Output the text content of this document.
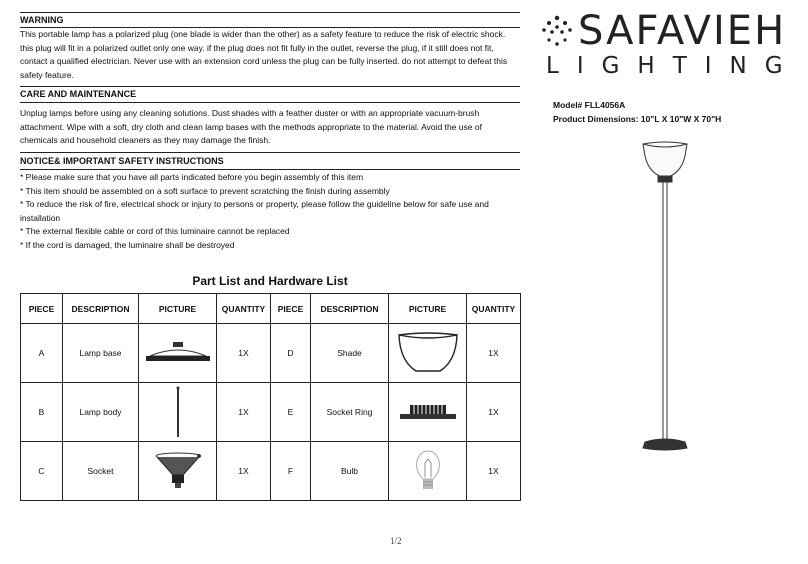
WARNING
This portable lamp has a polarized plug (one blade is wider than the other) as a safety feature to reduce the risk of electric shock. this plug will fit in a polarized outlet only one way. if the plug does not fit fully in the outlet, reverse the plug, if it still does not fit, contact a qualified electrician. Never use with an extension cord unless the plug can be fully inserted. do not attempt to defeat this safety feature.
CARE AND MAINTENANCE
Unplug lamps before using any cleaning solutions. Dust shades with a feather duster or with an appropriate vacuum-brush attachment. Wipe with a soft, dry cloth and clean lamp bases with the methods appropriate to the material. Avoid the use of chemicals and household cleaners as they may damage the finish.
NOTICE& IMPORTANT SAFETY INSTRUCTIONS

* Please make sure that you have all parts indicated before you begin assembly of this item

* This item should be assembled on a soft surface to prevent scratching the finish during assembly

* To reduce the risk of fire, electrical shock or injury to persons or property, please follow the guideline below for safe use and installation

* The external flexible cable or cord of this luminaire cannot be replaced

* If the cord is damaged, the luminaire shall be destroyed

SAFAVIEH
LIGHTING
Model# FLL4056A
Product Dimensions: 10"L X 10"W X 70"H
Part List and Hardware List
PIECE	DESCRIPTION	PICTURE	QUANTITY	PIECE	DESCRIPTION	PICTURE	QUANTITY
A	Lamp base		1X	D	Shade		1X
B	Lamp body		1X	E	Socket Ring		1X
C	Socket		1X	F	Bulb		1X
1/2
